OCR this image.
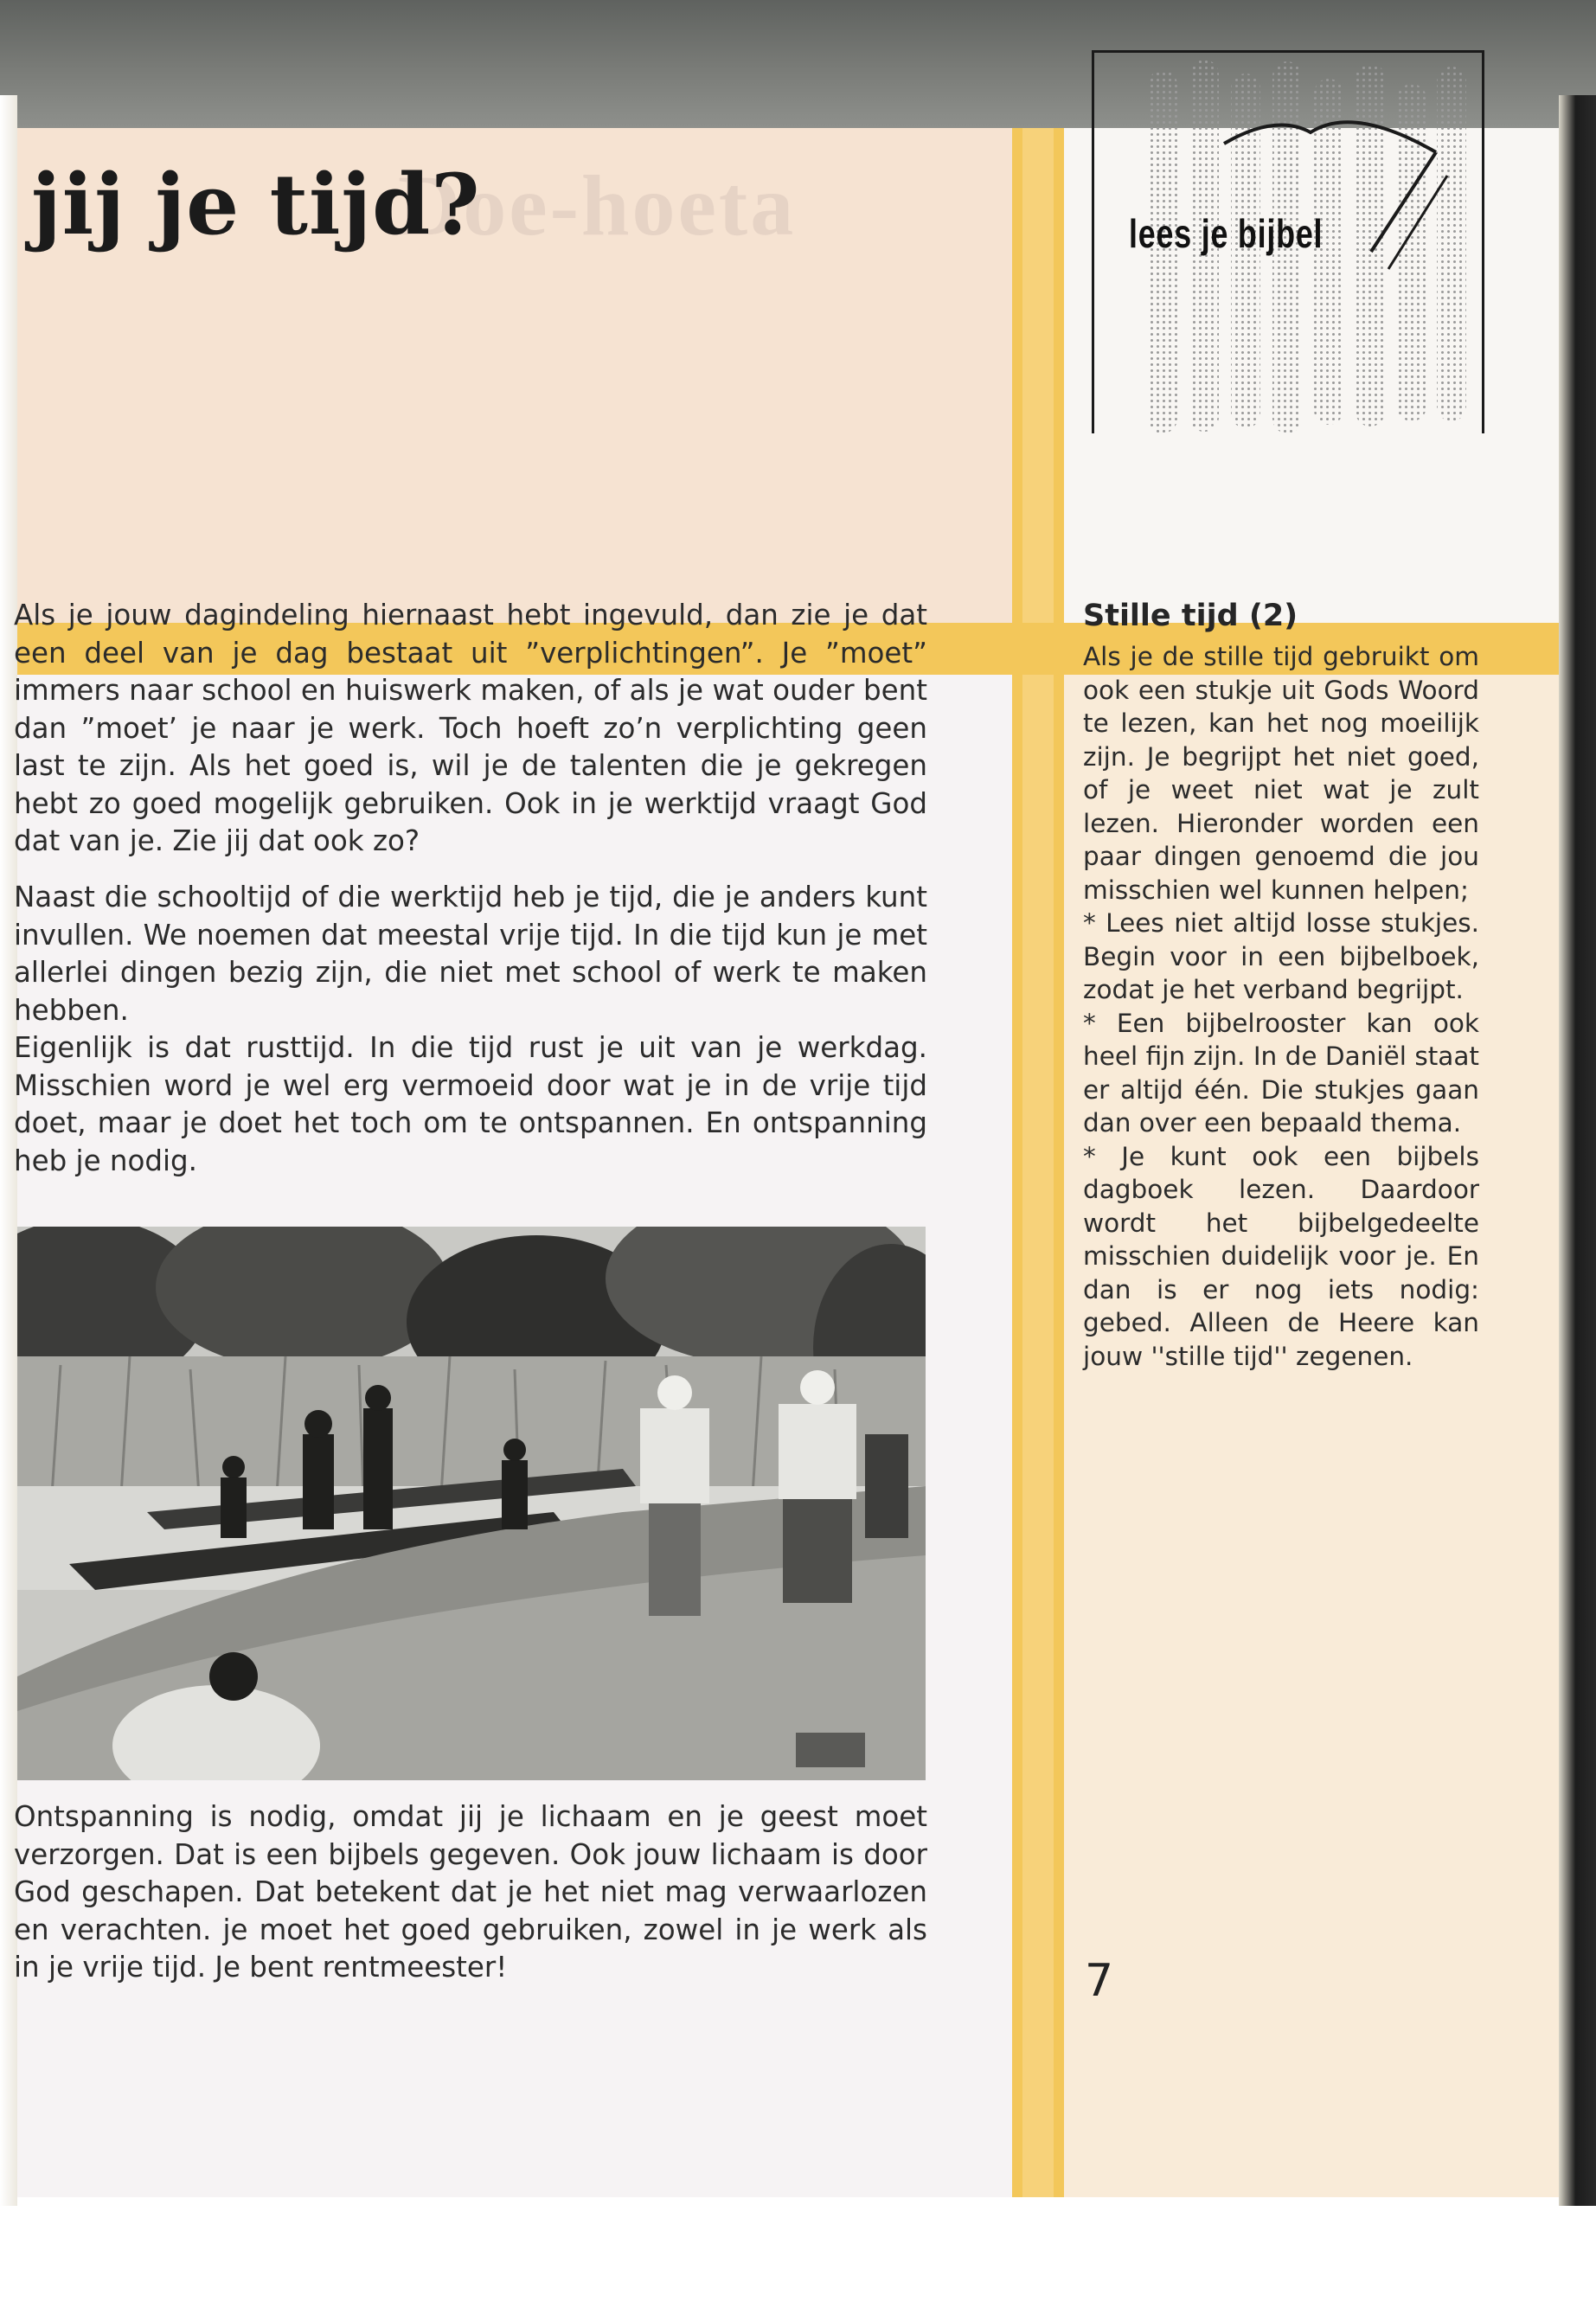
Doe-hoeta
jij je tijd?	lees je bijbel

Als je jouw dagindeling hiernaast hebt ingevuld, dan zie je dat een deel van je dag bestaat uit ”verplichtingen”. Je ”moet” immers naar school en huiswerk maken, of als je wat ouder bent dan ”moet’ je naar je werk. Toch hoeft zo’n verplichting geen last te zijn. Als het goed is, wil je de talenten die je gekregen hebt zo goed mogelijk gebruiken. Ook in je werktijd vraagt God dat van je. Zie jij dat ook zo?

Naast die schooltijd of die werktijd heb je tijd, die je anders kunt invullen. We noemen dat meestal vrije tijd. In die tijd kun je met allerlei dingen bezig zijn, die niet met school of werk te maken hebben.

Eigenlijk is dat rusttijd. In die tijd rust je uit van je werkdag. Misschien word je wel erg vermoeid door wat je in de vrije tijd doet, maar je doet het toch om te ontspannen. En ontspanning heb je nodig.

Ontspanning is nodig, omdat jij je lichaam en je geest moet verzorgen. Dat is een bijbels gegeven. Ook jouw lichaam is door God geschapen. Dat betekent dat je het niet mag verwaarlozen en verachten. je moet het goed gebruiken, zowel in je werk als in je vrije tijd. Je bent rentmeester!

Stille tijd (2)

Als je de stille tijd gebruikt om ook een stukje uit Gods Woord te lezen, kan het nog moeilijk zijn. Je begrijpt het niet goed, of je weet niet wat je zult lezen. Hieronder worden een paar dingen genoemd die jou misschien wel kunnen helpen;
* Lees niet altijd losse stukjes. Begin voor in een bijbelboek, zodat je het verband begrijpt.
* Een bijbelrooster kan ook heel fijn zijn. In de Daniël staat er altijd één. Die stukjes gaan dan over een bepaald thema.
* Je kunt ook een bijbels dagboek lezen. Daardoor wordt het bijbelgedeelte misschien duidelijk voor je. En dan is er nog iets nodig: gebed. Alleen de Heere kan jouw ''stille tijd'' zegenen.

7
